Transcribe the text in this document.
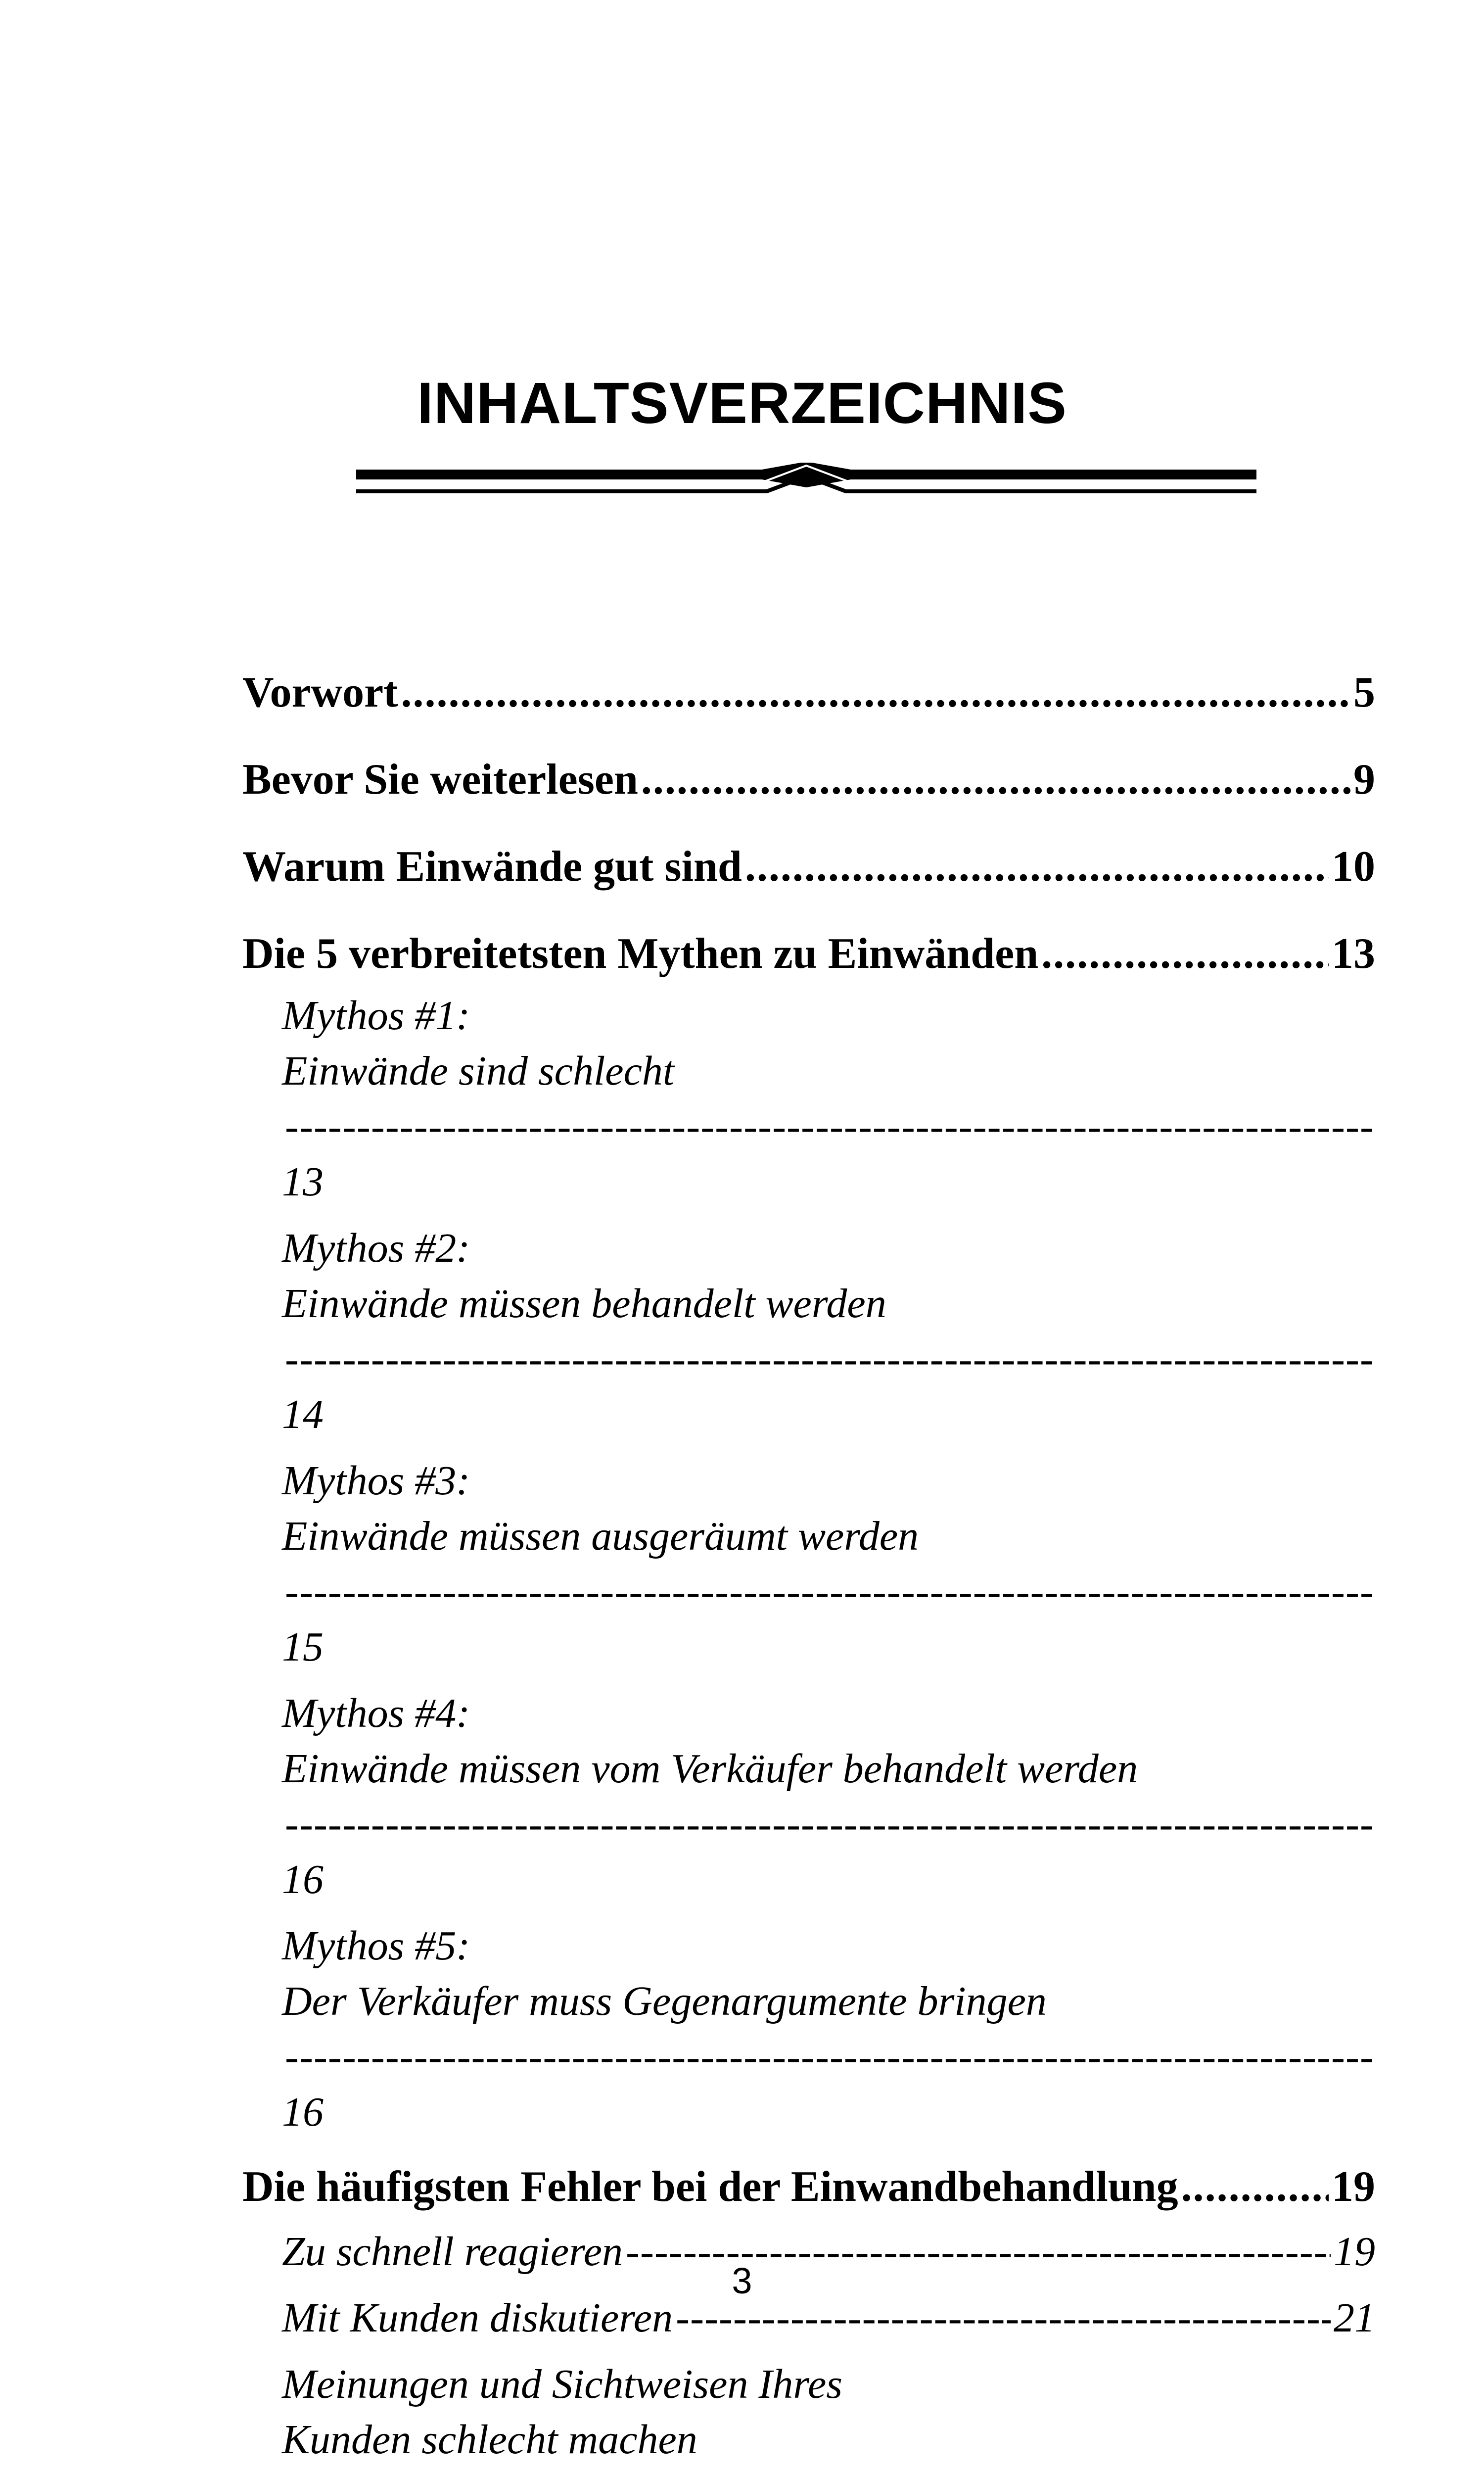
INHALTSVERZEICHNIS
Vorwort .....	5
Bevor Sie weiterlesen .....	9
Warum Einwände gut sind .....	10
Die 5 verbreitetsten Mythen zu Einwänden .....	13
Mythos #1:
Einwände sind schlecht
-----
13
Mythos #2:
Einwände müssen behandelt werden
-----
14
Mythos #3:
Einwände müssen ausgeräumt werden
-----
15
Mythos #4:
Einwände müssen vom Verkäufer behandelt werden
-----
16
Mythos #5:
Der Verkäufer muss Gegenargumente bringen
-----
16
Die häufigsten Fehler bei der Einwandbehandlung .....	19
Zu schnell reagieren -----	19
Mit Kunden diskutieren -----	21
Meinungen und Sichtweisen Ihres
Kunden schlecht machen
-----
3
